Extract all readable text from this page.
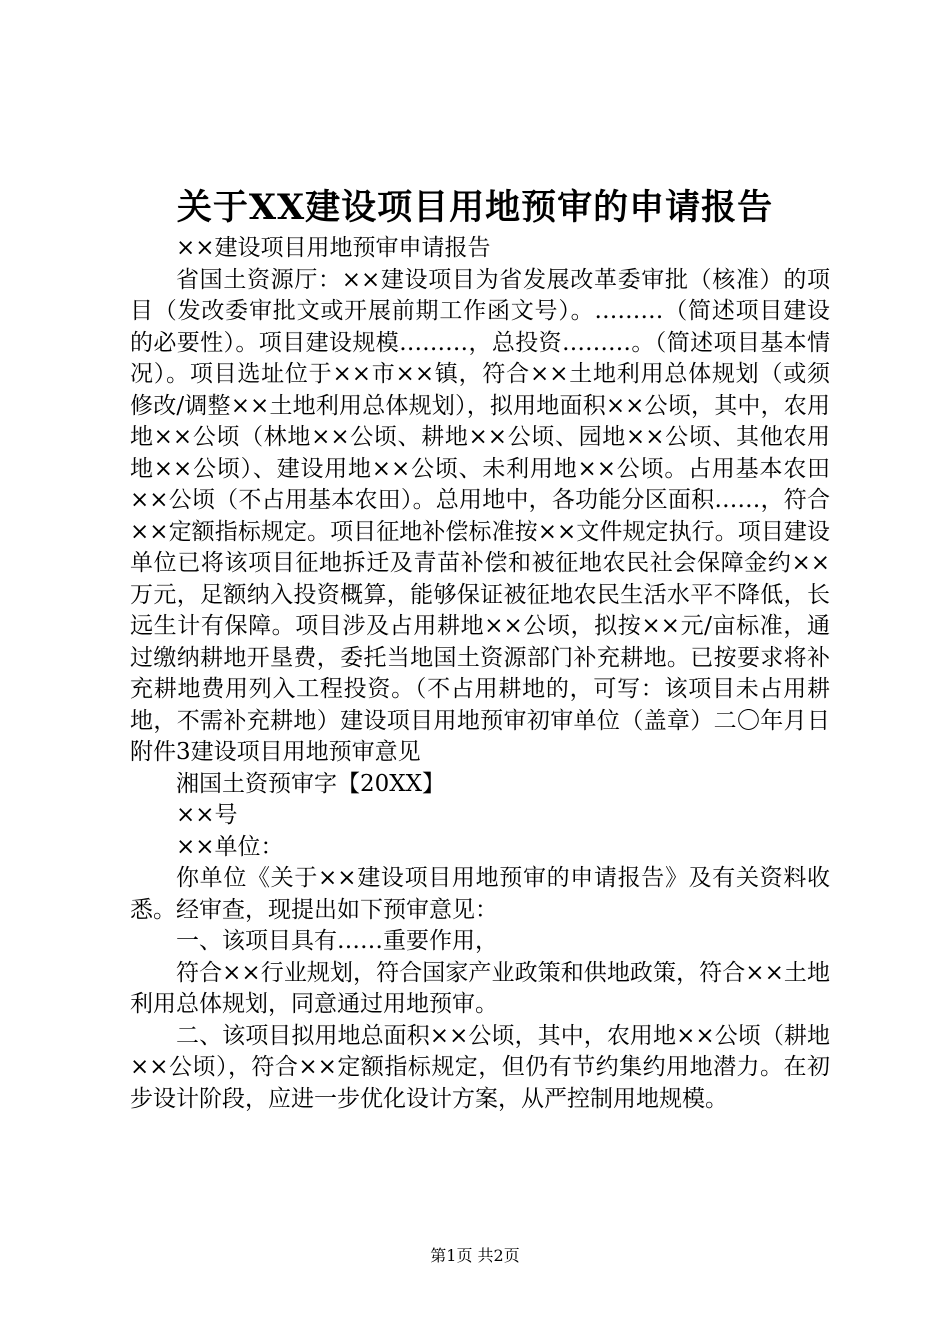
关于XX建设项目用地预审的申请报告

××建设项目用地预审申请报告

省国土资源厅：××建设项目为省发展改革委审批（核准）的项目（发改委审批文或开展前期工作函文号）。………（简述项目建设的必要性）。项目建设规模………，总投资………。（简述项目基本情况）。项目选址位于××市××镇，符合××土地利用总体规划（或须修改/调整××土地利用总体规划），拟用地面积××公顷，其中，农用地××公顷（林地××公顷、耕地××公顷、园地××公顷、其他农用地××公顷）、建设用地××公顷、未利用地××公顷。占用基本农田××公顷（不占用基本农田）。总用地中，各功能分区面积……，符合××定额指标规定。项目征地补偿标准按××文件规定执行。项目建设单位已将该项目征地拆迁及青苗补偿和被征地农民社会保障金约××万元，足额纳入投资概算，能够保证被征地农民生活水平不降低，长远生计有保障。项目涉及占用耕地××公顷，拟按××元/亩标准，通过缴纳耕地开垦费，委托当地国土资源部门补充耕地。已按要求将补充耕地费用列入工程投资。（不占用耕地的，可写：该项目未占用耕地，不需补充耕地）建设项目用地预审初审单位（盖章）二〇年月日附件3建设项目用地预审意见

湘国土资预审字【20XX】

××号

××单位：

你单位《关于××建设项目用地预审的申请报告》及有关资料收悉。经审查，现提出如下预审意见：

一、该项目具有……重要作用，

符合××行业规划，符合国家产业政策和供地政策，符合××土地利用总体规划，同意通过用地预审。

二、该项目拟用地总面积××公顷，其中，农用地××公顷（耕地××公顷），符合××定额指标规定，但仍有节约集约用地潜力。在初步设计阶段，应进一步优化设计方案，从严控制用地规模。

第1页 共2页
